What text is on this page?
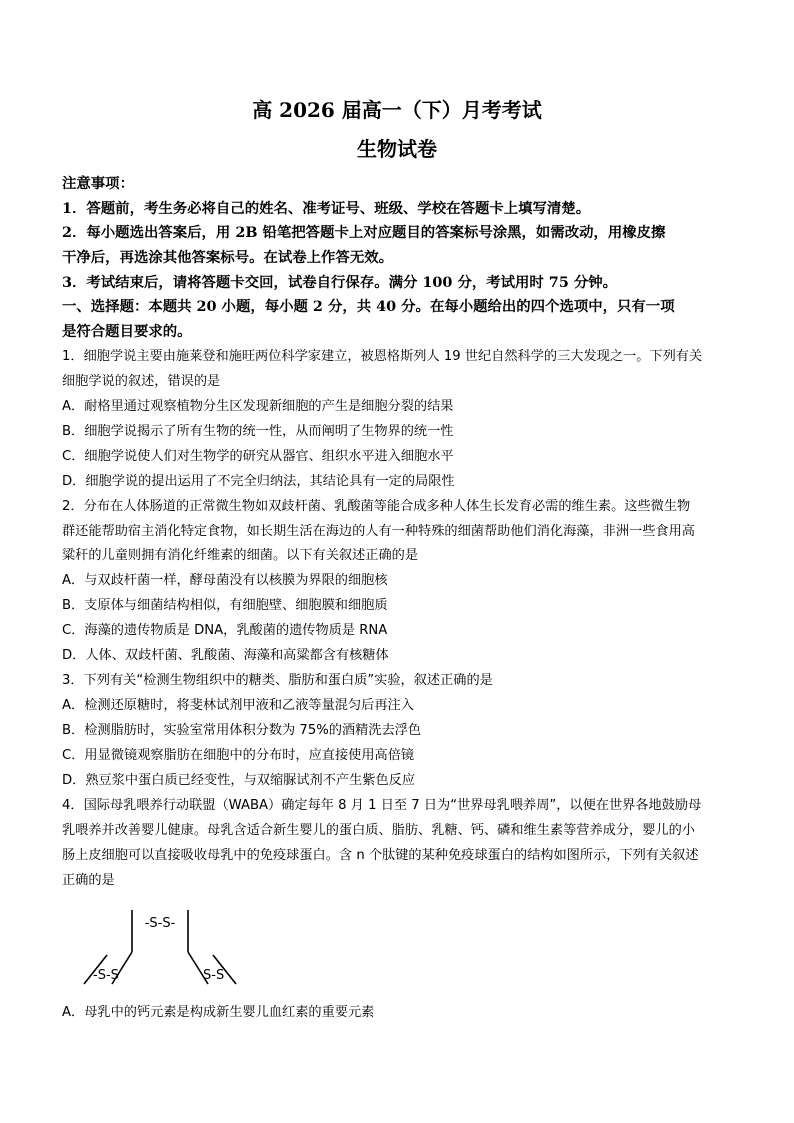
高 2026 届高一（下）月考考试
生物试卷
注意事项：
1．答题前，考生务必将自己的姓名、准考证号、班级、学校在答题卡上填写清楚。
2．每小题选出答案后，用 2B 铅笔把答题卡上对应题目的答案标号涂黑，如需改动，用橡皮擦
干净后，再选涂其他答案标号。在试卷上作答无效。
3．考试结束后，请将答题卡交回，试卷自行保存。满分 100 分，考试用时 75 分钟。
一、选择题：本题共 20 小题，每小题 2 分，共 40 分。在每小题给出的四个选项中，只有一项
是符合题目要求的。
1．细胞学说主要由施莱登和施旺两位科学家建立，被恩格斯列人 19 世纪自然科学的三大发现之一。下列有关
细胞学说的叙述，错误的是
A．耐格里通过观察植物分生区发现新细胞的产生是细胞分裂的结果
B．细胞学说揭示了所有生物的统一性，从而阐明了生物界的统一性
C．细胞学说使人们对生物学的研究从器官、组织水平进入细胞水平
D．细胞学说的提出运用了不完全归纳法，其结论具有一定的局限性
2．分布在人体肠道的正常微生物如双歧杆菌、乳酸菌等能合成多种人体生长发育必需的维生素。这些微生物
群还能帮助宿主消化特定食物，如长期生活在海边的人有一种特殊的细菌帮助他们消化海藻，非洲一些食用高
粱秆的儿童则拥有消化纤维素的细菌。以下有关叙述正确的是
A．与双歧杆菌一样，酵母菌没有以核膜为界限的细胞核
B．支原体与细菌结构相似，有细胞壁、细胞膜和细胞质
C．海藻的遗传物质是 DNA，乳酸菌的遗传物质是 RNA
D．人体、双歧杆菌、乳酸菌、海藻和高粱都含有核糖体
3．下列有关“检测生物组织中的糖类、脂肪和蛋白质”实验，叙述正确的是
A．检测还原糖时，将斐林试剂甲液和乙液等量混匀后再注入
B．检测脂肪时，实验室常用体积分数为 75%的酒精洗去浮色
C．用显微镜观察脂肪在细胞中的分布时，应直接使用高倍镜
D．熟豆浆中蛋白质已经变性，与双缩脲试剂不产生紫色反应
4．国际母乳喂养行动联盟（WABA）确定每年 8 月 1 日至 7 日为“世界母乳喂养周”，以便在世界各地鼓励母
乳喂养并改善婴儿健康。母乳含适合新生婴儿的蛋白质、脂肪、乳糖、钙、磷和维生素等营养成分，婴儿的小
肠上皮细胞可以直接吸收母乳中的免疫球蛋白。含 n 个肽键的某种免疫球蛋白的结构如图所示，下列有关叙述
正确的是
-S-S-
-S-S	S-S
A．母乳中的钙元素是构成新生婴儿血红素的重要元素
